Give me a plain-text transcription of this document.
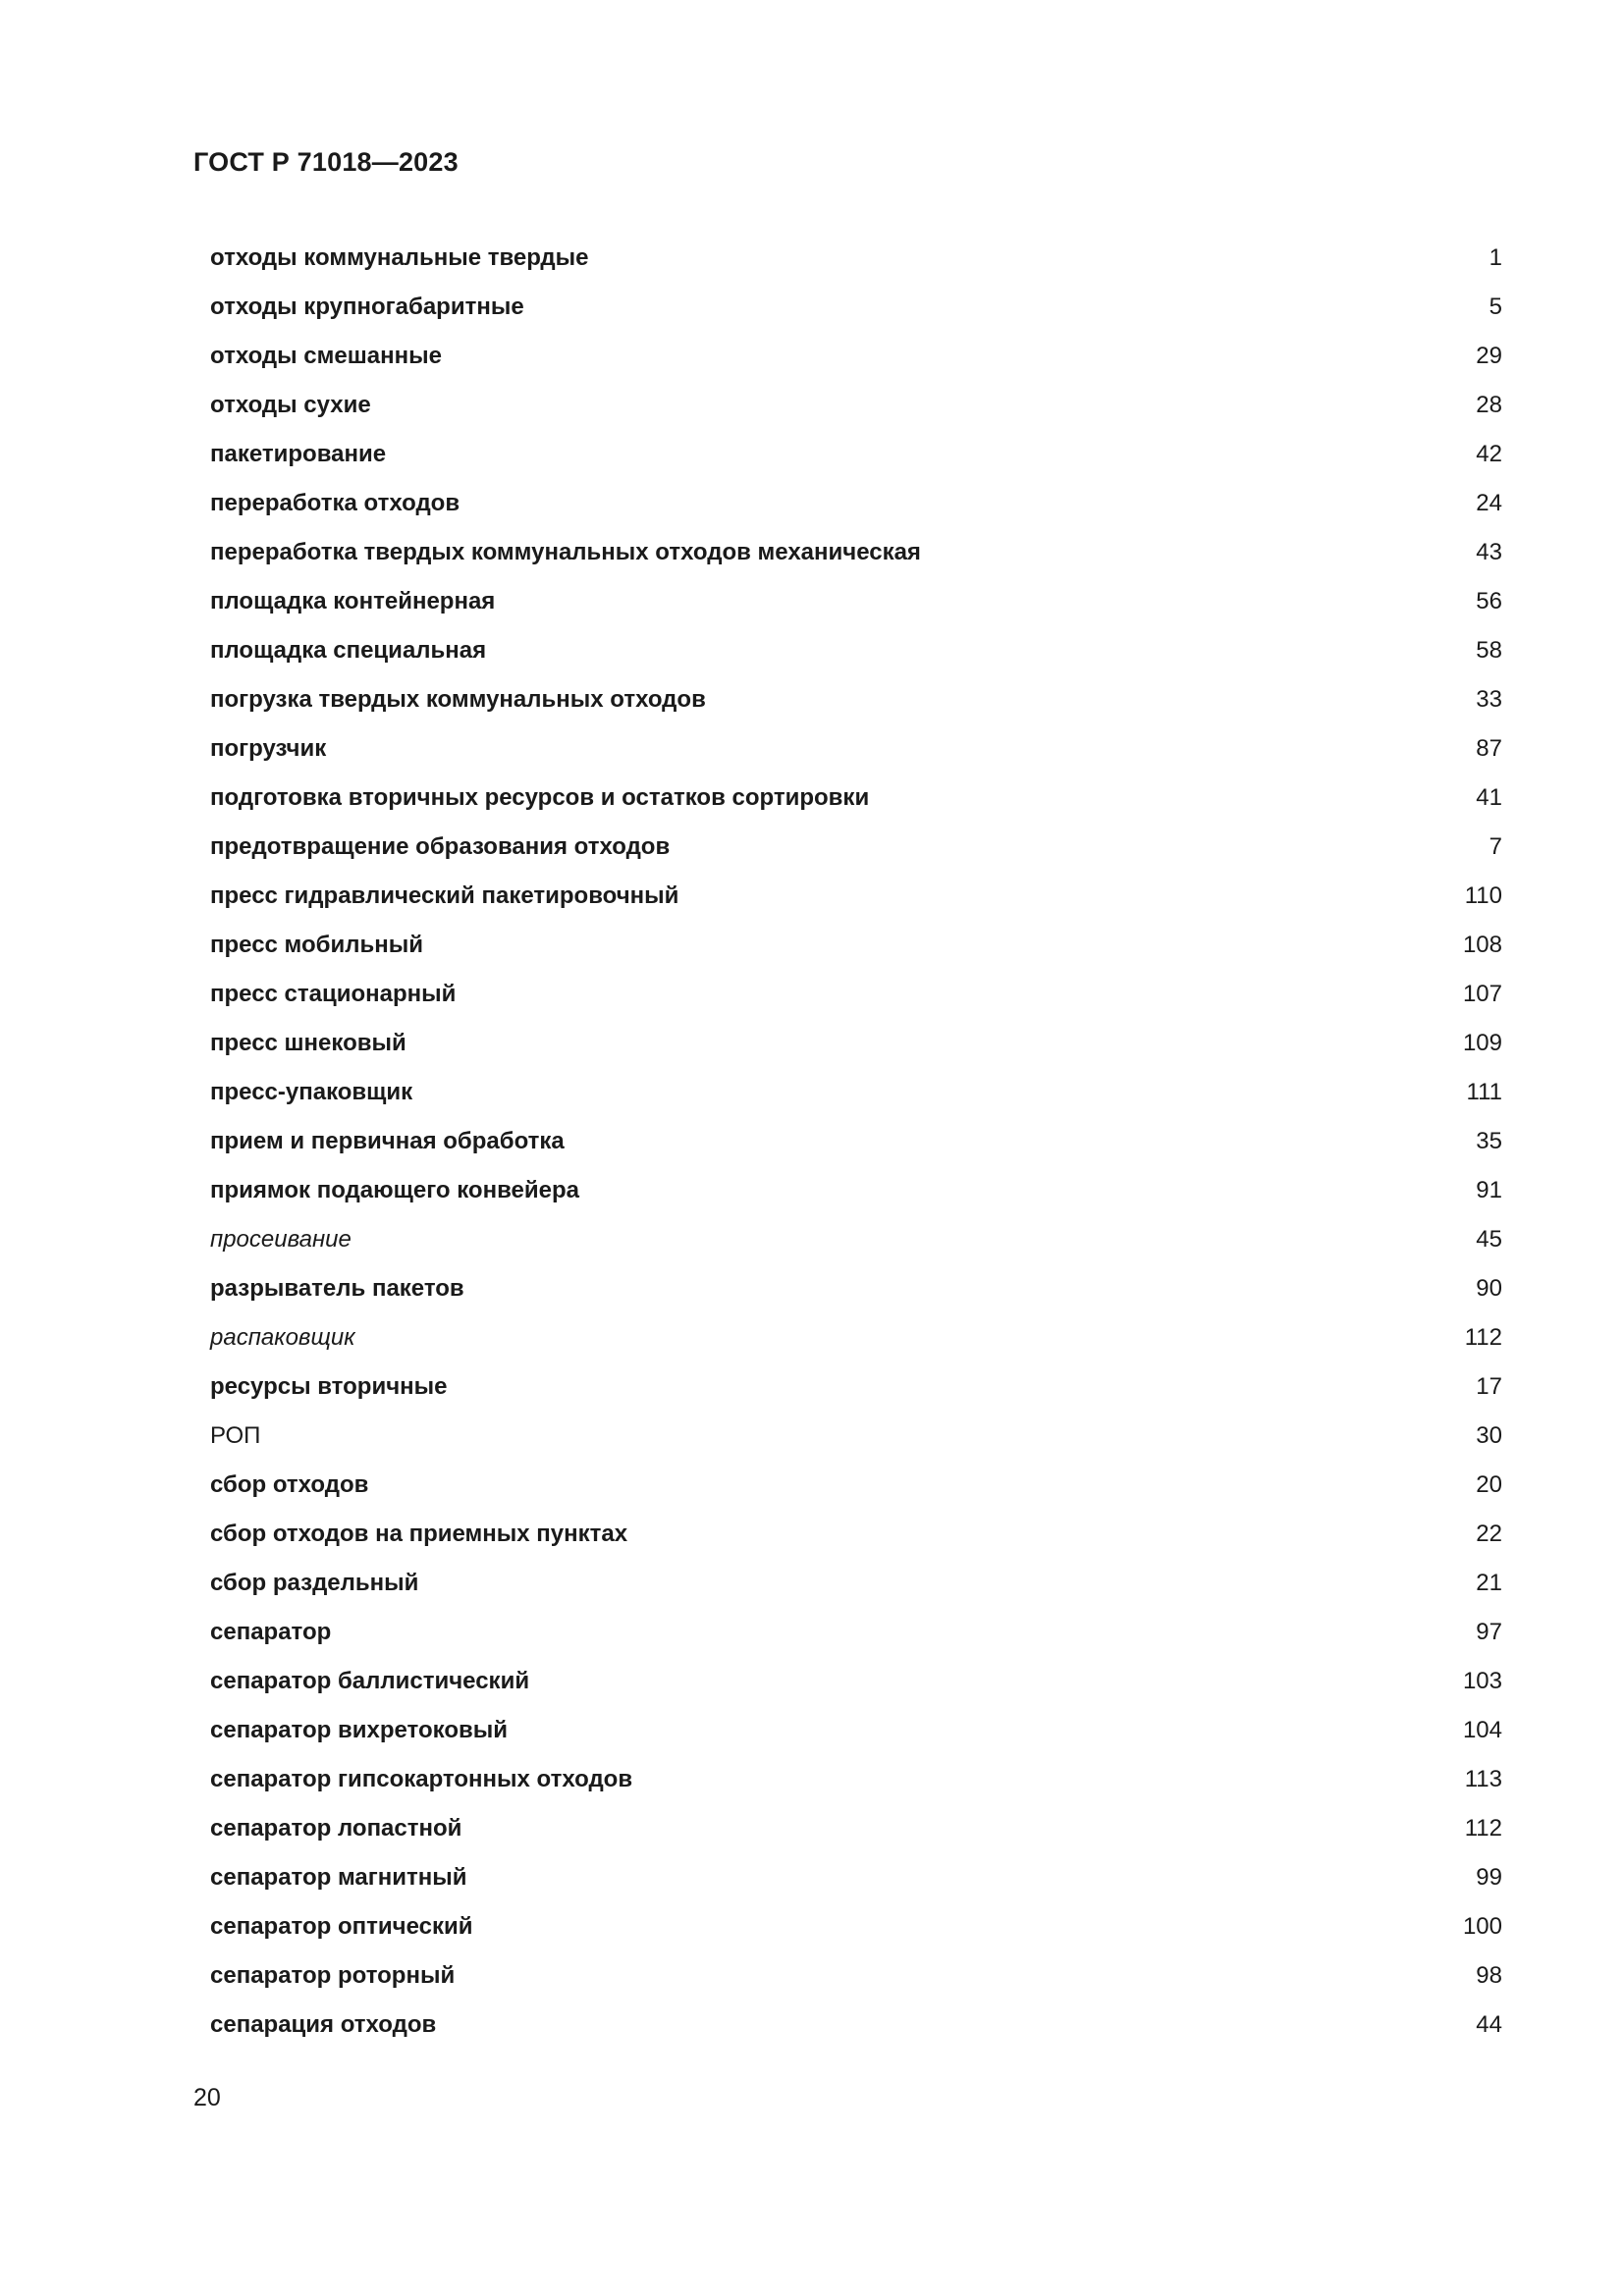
ГОСТ Р 71018—2023
отходы коммунальные твердые	1
отходы крупногабаритные	5
отходы смешанные	29
отходы сухие	28
пакетирование	42
переработка отходов	24
переработка твердых коммунальных отходов механическая	43
площадка контейнерная	56
площадка специальная	58
погрузка твердых коммунальных отходов	33
погрузчик	87
подготовка вторичных ресурсов и остатков сортировки	41
предотвращение образования отходов	7
пресс гидравлический пакетировочный	110
пресс мобильный	108
пресс стационарный	107
пресс шнековый	109
пресс-упаковщик	111
прием и первичная обработка	35
приямок подающего конвейера	91
просеивание	45
разрыватель пакетов	90
распаковщик	112
ресурсы вторичные	17
РОП	30
сбор отходов	20
сбор отходов на приемных пунктах	22
сбор раздельный	21
сепаратор	97
сепаратор баллистический	103
сепаратор вихретоковый	104
сепаратор гипсокартонных отходов	113
сепаратор лопастной	112
сепаратор магнитный	99
сепаратор оптический	100
сепаратор роторный	98
сепарация отходов	44
20
